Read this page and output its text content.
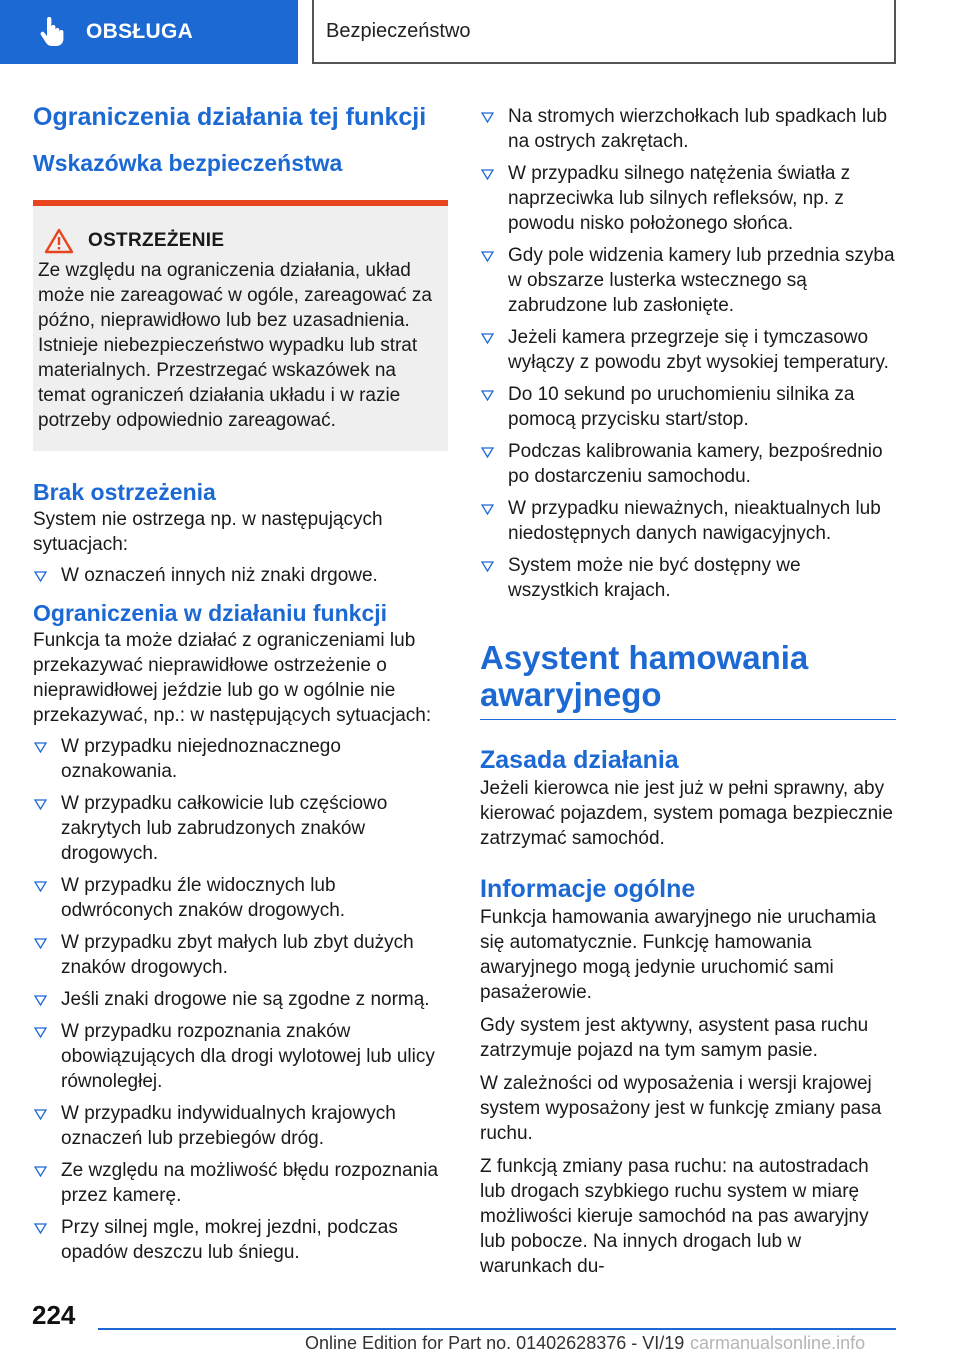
OBSŁUGA	Bezpieczeństwo
Ograniczenia działania tej funkcji
Wskazówka bezpieczeństwa
OSTRZEŻENIE

Ze względu na ograniczenia działania, układ może nie zareagować w ogóle, zareagować za późno, nieprawidłowo lub bez uzasadnienia. Istnieje niebezpieczeństwo wypadku lub strat materialnych. Przestrzegać wskazówek na temat ograniczeń działania układu i w razie potrzeby odpowiednio zareagować.

Brak ostrzeżenia

System nie ostrzega np. w następujących sytuacjach:

W oznaczeń innych niż znaki drgowe.
Ograniczenia w działaniu funkcji

Funkcja ta może działać z ograniczeniami lub przekazywać nieprawidłowe ostrzeżenie o nieprawidłowej jeździe lub go w ogólnie nie przekazywać, np.: w następujących sytuacjach:

W przypadku niejednoznacznego oznakowania.
W przypadku całkowicie lub częściowo zakrytych lub zabrudzonych znaków drogowych.
W przypadku źle widocznych lub odwróconych znaków drogowych.
W przypadku zbyt małych lub zbyt dużych znaków drogowych.
Jeśli znaki drogowe nie są zgodne z normą.
W przypadku rozpoznania znaków obowiązujących dla drogi wylotowej lub ulicy równoległej.
W przypadku indywidualnych krajowych oznaczeń lub przebiegów dróg.
Ze względu na możliwość błędu rozpoznania przez kamerę.
Przy silnej mgle, mokrej jezdni, podczas opadów deszczu lub śniegu.
Na stromych wierzchołkach lub spadkach lub na ostrych zakrętach.
W przypadku silnego natężenia światła z naprzeciwka lub silnych refleksów, np. z powodu nisko położonego słońca.
Gdy pole widzenia kamery lub przednia szyba w obszarze lusterka wstecznego są zabrudzone lub zasłonięte.
Jeżeli kamera przegrzeje się i tymczasowo wyłączy z powodu zbyt wysokiej temperatury.
Do 10 sekund po uruchomieniu silnika za pomocą przycisku start/stop.
Podczas kalibrowania kamery, bezpośrednio po dostarczeniu samochodu.
W przypadku nieważnych, nieaktualnych lub niedostępnych danych nawigacyjnych.
System może nie być dostępny we wszystkich krajach.
Asystent hamowania awaryjnego
Zasada działania

Jeżeli kierowca nie jest już w pełni sprawny, aby kierować pojazdem, system pomaga bezpiecznie zatrzymać samochód.

Informacje ogólne

Funkcja hamowania awaryjnego nie uruchamia się automatycznie. Funkcję hamowania awaryjnego mogą jedynie uruchomić sami pasażerowie.

Gdy system jest aktywny, asystent pasa ruchu zatrzymuje pojazd na tym samym pasie.

W zależności od wyposażenia i wersji krajowej system wyposażony jest w funkcję zmiany pasa ruchu.

Z funkcją zmiany pasa ruchu: na autostradach lub drogach szybkiego ruchu system w miarę możliwości kieruje samochód na pas awaryjny lub pobocze. Na innych drogach lub w warunkach du-

224
Online Edition for Part no. 01402628376 - VI/19 carmanualsonline.info
